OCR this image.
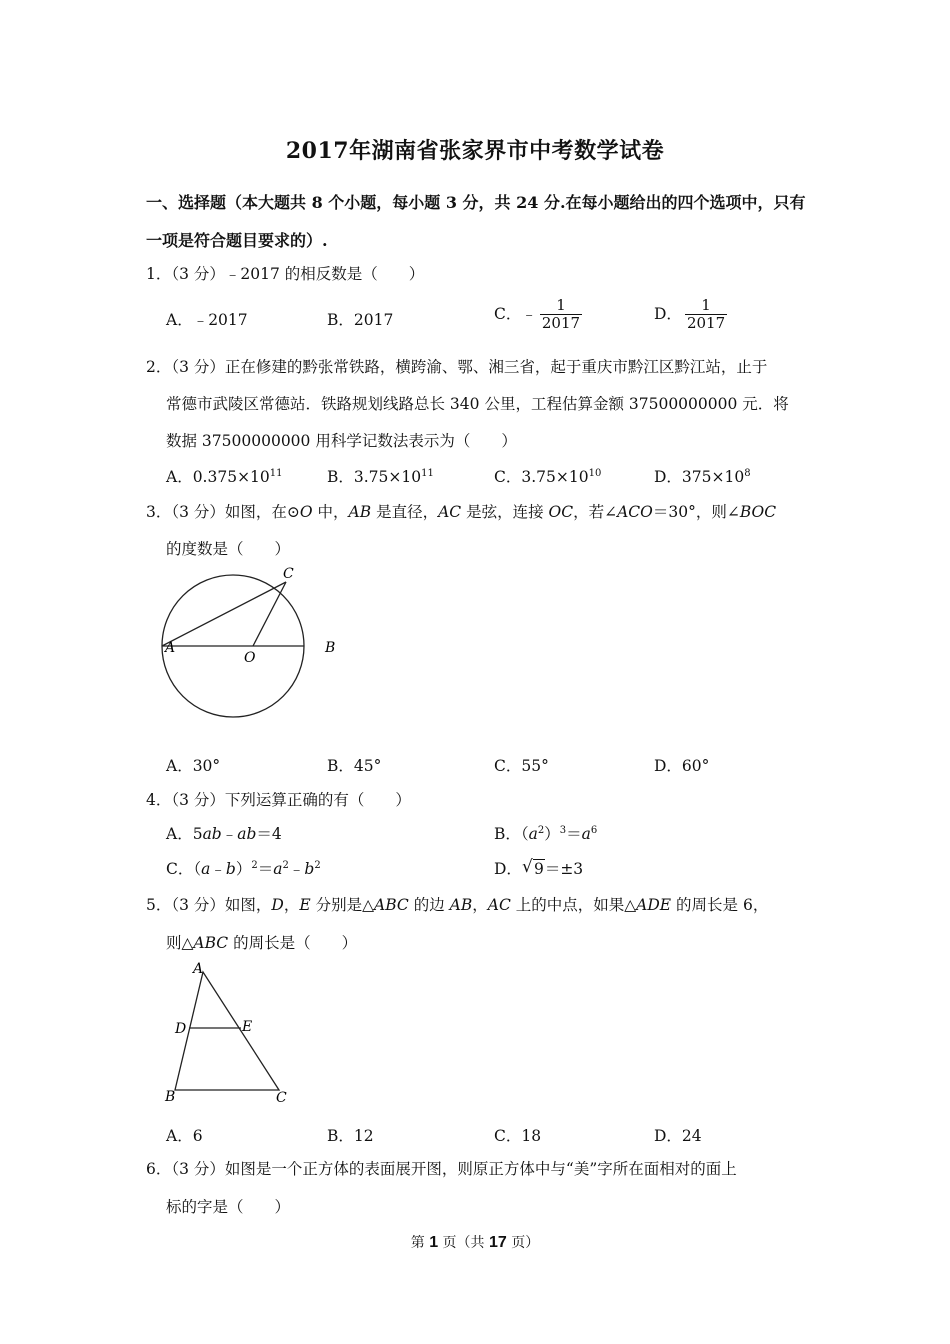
2017年湖南省张家界市中考数学试卷
一、选择题（本大题共 8 个小题，每小题 3 分，共 24 分.在每小题给出的四个选项中，只有
一项是符合题目要求的）.
1．（3 分）﹣2017 的相反数是（　　）
A．﹣2017	B．2017	C．﹣ $\frac{1}{2017}$	D． $\frac{1}{2017}$
2．（3 分）正在修建的黔张常铁路，横跨渝、鄂、湘三省，起于重庆市黔江区黔江站，止于
常德市武陵区常德站．铁路规划线路总长 340 公里，工程估算金额 37500000000 元．将
数据 37500000000 用科学记数法表示为（　　）
A．$0.375\times 10^{11}$	B．$3.75\times 10^{11}$	C．$3.75\times 10^{10}$	D．$375\times 10^8$
3．（3 分）如图，在⊙O 中，AB 是直径，AC 是弦，连接 OC，若∠ACO＝30°，则∠BOC
的度数是（　　）
A	B
C
O
A．30°	B．45°	C．55°	D．60°
4．（3 分）下列运算正确的有（　　）
A．5ab﹣ab＝4	B．$(a^2)^3=a^6$
C．$(a﹣b)^2=a^2﹣b^2$	D．√ 9＝±3
5．（3 分）如图，D，E 分别是△ABC 的边 AB，AC 上的中点，如果△ADE 的周长是 6，
则△ABC 的周长是（　　）
A
D	E
B	C
A．6	B．12	C．18	D．24
6．（3 分）如图是一个正方体的表面展开图，则原正方体中与“美”字所在面相对的面上
标的字是（　　）
第 1 页（共 17 页）
